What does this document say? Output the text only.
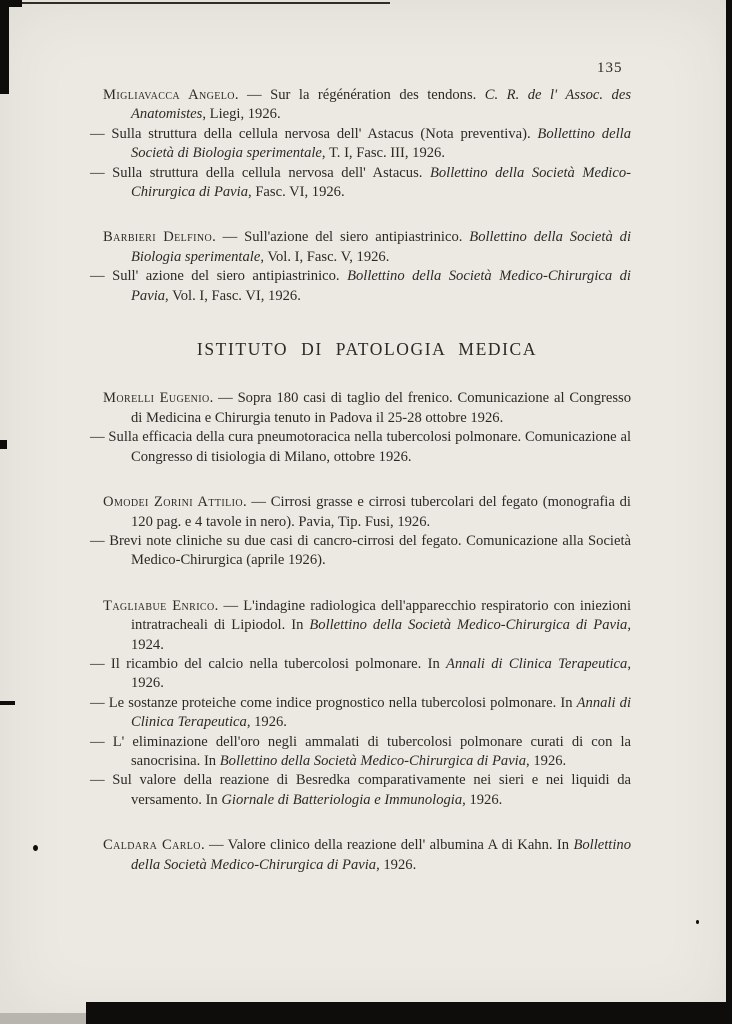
135

Migliavacca Angelo. — Sur la régénération des tendons. C. R. de l' Assoc. des Anatomistes, Liegi, 1926.

— Sulla struttura della cellula nervosa dell' Astacus (Nota preventiva). Bollettino della Società di Biologia sperimentale, T. I, Fasc. III, 1926.

— Sulla struttura della cellula nervosa dell' Astacus. Bollettino della Società Medico-Chirurgica di Pavia, Fasc. VI, 1926.

Barbieri Delfino. — Sull'azione del siero antipiastrinico. Bollettino della Società di Biologia sperimentale, Vol. I, Fasc. V, 1926.

— Sull' azione del siero antipiastrinico. Bollettino della Società Medico-Chirurgica di Pavia, Vol. I, Fasc. VI, 1926.

ISTITUTO DI PATOLOGIA MEDICA

Morelli Eugenio. — Sopra 180 casi di taglio del frenico. Comunicazione al Congresso di Medicina e Chirurgia tenuto in Padova il 25-28 ottobre 1926.

— Sulla efficacia della cura pneumotoracica nella tubercolosi polmonare. Comunicazione al Congresso di tisiologia di Milano, ottobre 1926.

Omodei Zorini Attilio. — Cirrosi grasse e cirrosi tubercolari del fegato (monografia di 120 pag. e 4 tavole in nero). Pavia, Tip. Fusi, 1926.

— Brevi note cliniche su due casi di cancro-cirrosi del fegato. Comunicazione alla Società Medico-Chirurgica (aprile 1926).

Tagliabue Enrico. — L'indagine radiologica dell'apparecchio respiratorio con iniezioni intratracheali di Lipiodol. In Bollettino della Società Medico-Chirurgica di Pavia, 1924.

— Il ricambio del calcio nella tubercolosi polmonare. In Annali di Clinica Terapeutica, 1926.

— Le sostanze proteiche come indice prognostico nella tubercolosi polmonare. In Annali di Clinica Terapeutica, 1926.

— L' eliminazione dell'oro negli ammalati di tubercolosi polmonare curati di con la sanocrisina. In Bollettino della Società Medico-Chirurgica di Pavia, 1926.

— Sul valore della reazione di Besredka comparativamente nei sieri e nei liquidi da versamento. In Giornale di Batteriologia e Immunologia, 1926.

Caldara Carlo. — Valore clinico della reazione dell' albumina A di Kahn. In Bollettino della Società Medico-Chirurgica di Pavia, 1926.
